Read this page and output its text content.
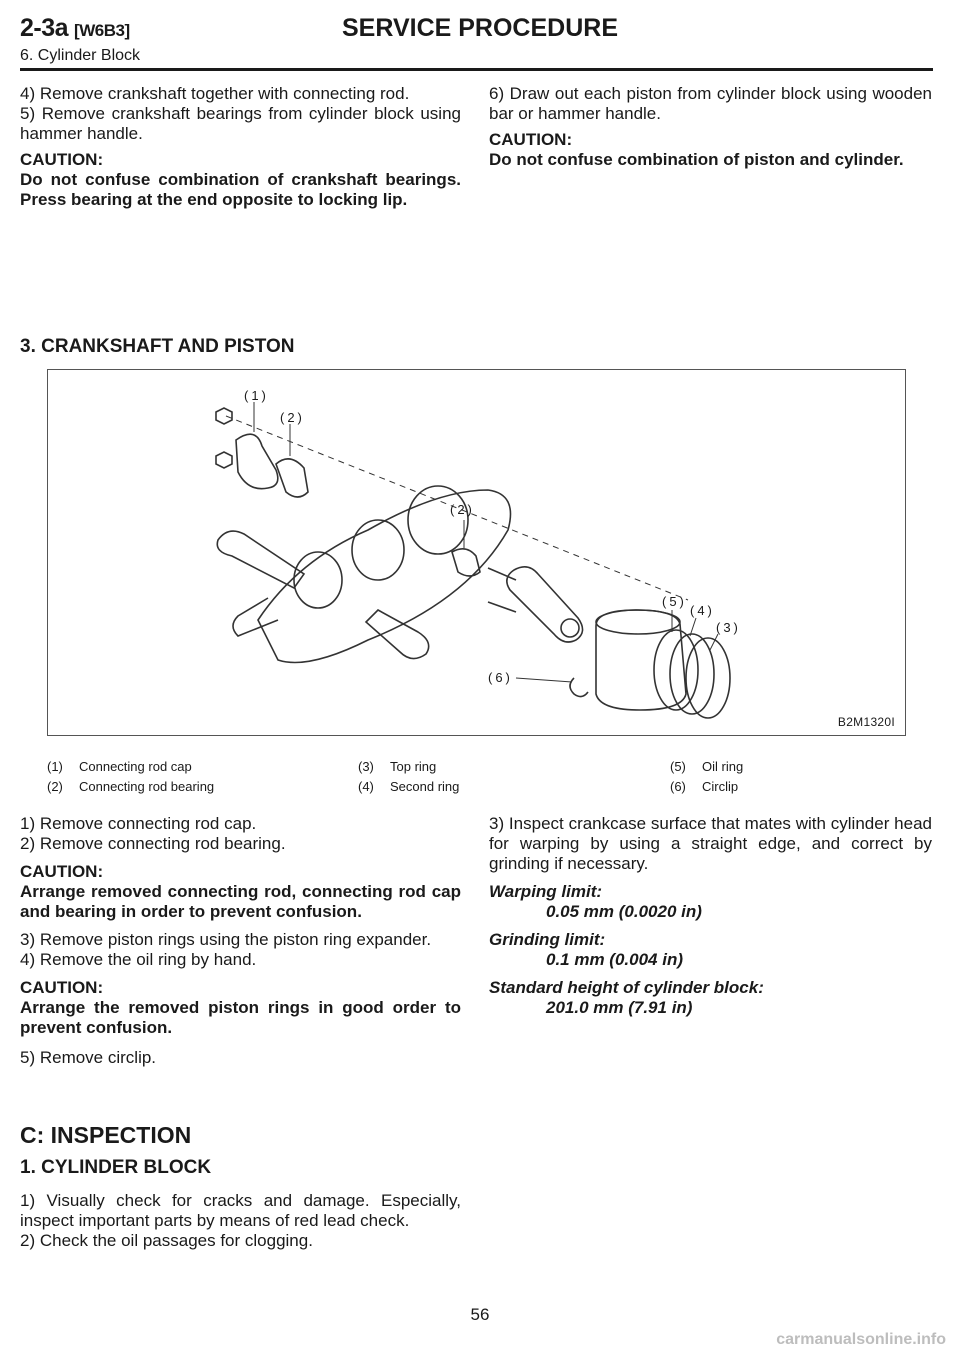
2-3a [W6B3]	SERVICE PROCEDURE
6. Cylinder Block

4) Remove crankshaft together with connecting rod.

5) Remove crankshaft bearings from cylinder block using hammer handle.

CAUTION:

Do not confuse combination of crankshaft bearings. Press bearing at the end opposite to locking lip.

6) Draw out each piston from cylinder block using wooden bar or hammer handle.

CAUTION:

Do not confuse combination of piston and cylinder.

3. CRANKSHAFT AND PISTON
(1)
(2)
(2)
(5)
(4)
(3)
(6)
B2M1320I
(1) Connecting rod cap
(2) Connecting rod bearing
(3) Top ring
(4) Second ring
(5) Oil ring
(6) Circlip

1) Remove connecting rod cap.

2) Remove connecting rod bearing.

CAUTION:

Arrange removed connecting rod, connecting rod cap and bearing in order to prevent confusion.

3) Remove piston rings using the piston ring expander.

4) Remove the oil ring by hand.

CAUTION:

Arrange the removed piston rings in good order to prevent confusion.

5) Remove circlip.

C: INSPECTION
1. CYLINDER BLOCK

1) Visually check for cracks and damage. Especially, inspect important parts by means of red lead check.

2) Check the oil passages for clogging.

3) Inspect crankcase surface that mates with cylinder head for warping by using a straight edge, and correct by grinding if necessary.

Warping limit:

0.05 mm (0.0020 in)

Grinding limit:

0.1 mm (0.004 in)

Standard height of cylinder block:

201.0 mm (7.91 in)

56
carmanualsonline.info
